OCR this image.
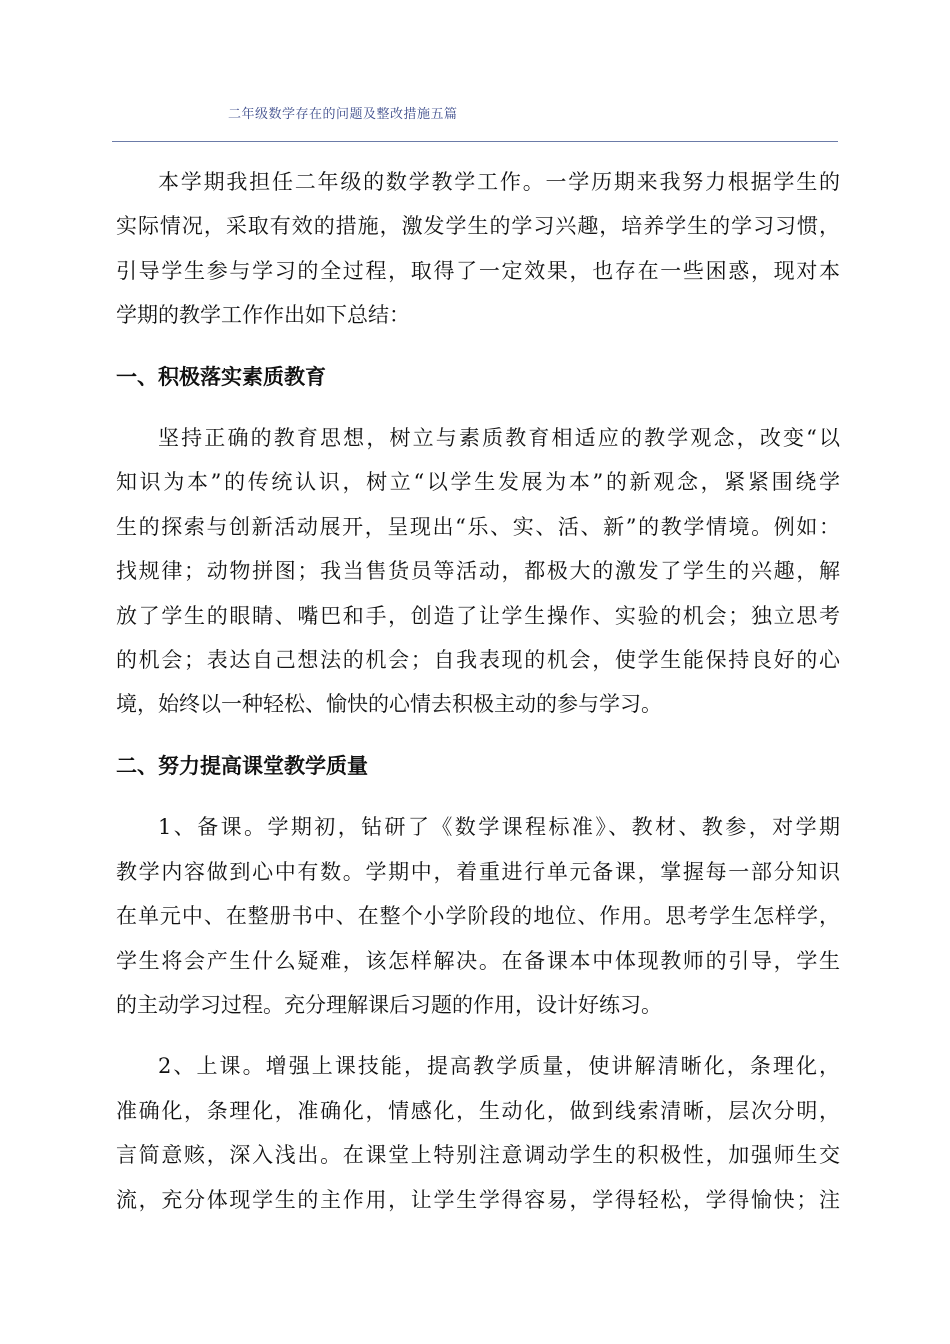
二年级数学存在的问题及整改措施五篇
本学期我担任二年级的数学教学工作。一学历期来我努力根据学生的
实际情况，采取有效的措施，激发学生的学习兴趣，培养学生的学习习惯，
引导学生参与学习的全过程，取得了一定效果，也存在一些困惑，现对本
学期的教学工作作出如下总结：
一、积极落实素质教育
坚持正确的教育思想，树立与素质教育相适应的教学观念，改变“以
知识为本”的传统认识，树立“以学生发展为本”的新观念，紧紧围绕学
生的探索与创新活动展开，呈现出“乐、实、活、新”的教学情境。例如：
找规律；动物拼图；我当售货员等活动，都极大的激发了学生的兴趣，解
放了学生的眼睛、嘴巴和手，创造了让学生操作、实验的机会；独立思考
的机会；表达自己想法的机会；自我表现的机会，使学生能保持良好的心
境，始终以一种轻松、愉快的心情去积极主动的参与学习。
二、努力提高课堂教学质量
1、备课。学期初，钻研了《数学课程标准》、教材、教参，对学期
教学内容做到心中有数。学期中，着重进行单元备课，掌握每一部分知识
在单元中、在整册书中、在整个小学阶段的地位、作用。思考学生怎样学，
学生将会产生什么疑难，该怎样解决。在备课本中体现教师的引导，学生
的主动学习过程。充分理解课后习题的作用，设计好练习。
2、上课。增强上课技能，提高教学质量，使讲解清晰化，条理化，
准确化，条理化，准确化，情感化，生动化，做到线索清晰，层次分明，
言简意赅，深入浅出。在课堂上特别注意调动学生的积极性，加强师生交
流，充分体现学生的主作用，让学生学得容易，学得轻松，学得愉快；注
